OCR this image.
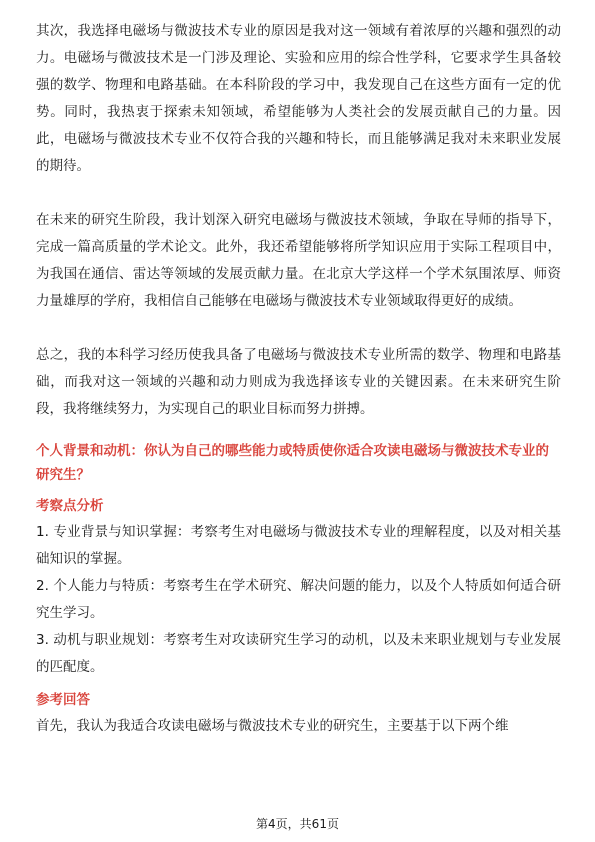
其次，我选择电磁场与微波技术专业的原因是我对这一领域有着浓厚的兴趣和强烈的动力。电磁场与微波技术是一门涉及理论、实验和应用的综合性学科，它要求学生具备较强的数学、物理和电路基础。在本科阶段的学习中，我发现自己在这些方面有一定的优势。同时，我热衷于探索未知领域，希望能够为人类社会的发展贡献自己的力量。因此，电磁场与微波技术专业不仅符合我的兴趣和特长，而且能够满足我对未来职业发展的期待。

在未来的研究生阶段，我计划深入研究电磁场与微波技术领域，争取在导师的指导下，完成一篇高质量的学术论文。此外，我还希望能够将所学知识应用于实际工程项目中，为我国在通信、雷达等领域的发展贡献力量。在北京大学这样一个学术氛围浓厚、师资力量雄厚的学府，我相信自己能够在电磁场与微波技术专业领域取得更好的成绩。

总之，我的本科学习经历使我具备了电磁场与微波技术专业所需的数学、物理和电路基础，而我对这一领域的兴趣和动力则成为我选择该专业的关键因素。在未来研究生阶段，我将继续努力，为实现自己的职业目标而努力拼搏。

个人背景和动机：你认为自己的哪些能力或特质使你适合攻读电磁场与微波技术专业的研究生？

考察点分析

1. 专业背景与知识掌握：考察考生对电磁场与微波技术专业的理解程度，以及对相关基础知识的掌握。

2. 个人能力与特质：考察考生在学术研究、解决问题的能力，以及个人特质如何适合研究生学习。

3. 动机与职业规划：考察考生对攻读研究生学习的动机，以及未来职业规划与专业发展的匹配度。

参考回答

首先，我认为我适合攻读电磁场与微波技术专业的研究生，主要基于以下两个维

第4页，共61页
